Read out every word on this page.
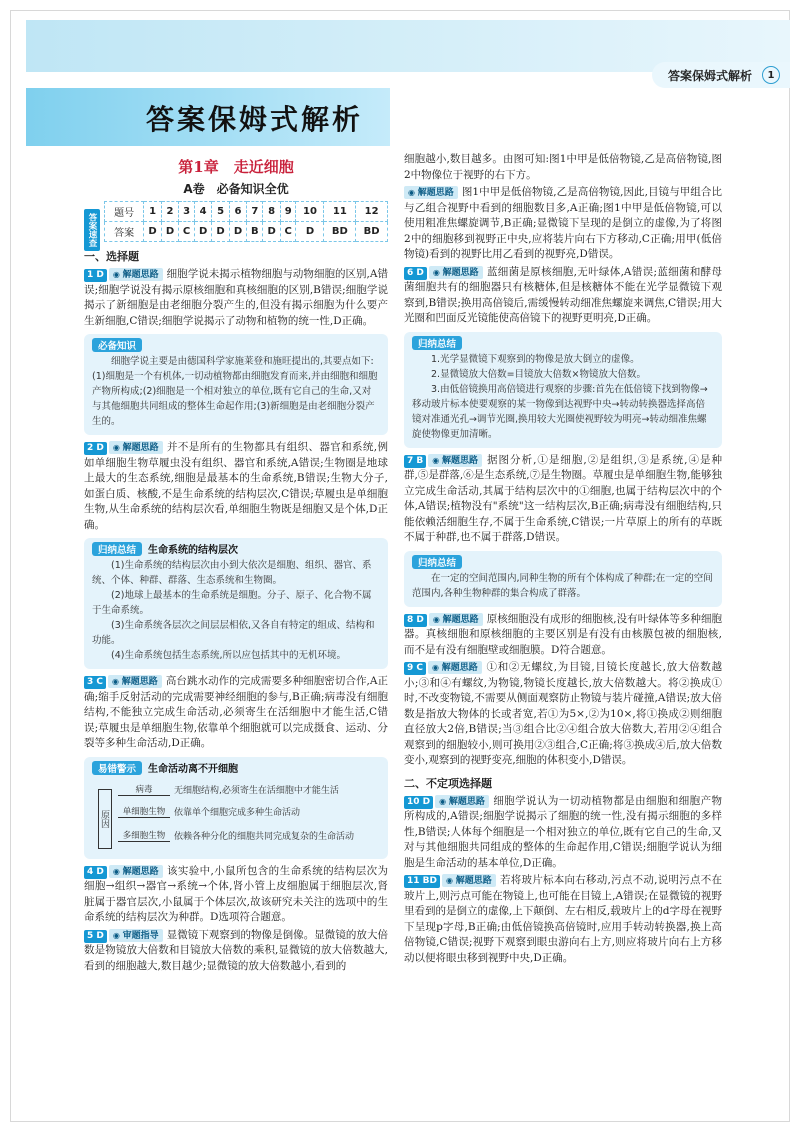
答案保姆式解析	1
答案保姆式解析
答案速查
第1章　走近细胞
A卷　必备知识全优
题号	1	2	3	4	5	6	7	8	9	10	11	12
答案	D	D	C	D	D	D	B	D	C	D	BD	BD
一、选择题

1 D ◉ 解题思路 细胞学说未揭示植物细胞与动物细胞的区别,A错误;细胞学说没有揭示原核细胞和真核细胞的区别,B错误;细胞学说揭示了新细胞是由老细胞分裂产生的,但没有揭示细胞为什么要产生新细胞,C错误;细胞学说揭示了动物和植物的统一性,D正确。

必备知识
细胞学说主要是由德国科学家施莱登和施旺提出的,其要点如下:(1)细胞是一个有机体,一切动植物都由细胞发育而来,并由细胞和细胞产物所构成;(2)细胞是一个相对独立的单位,既有它自己的生命,又对与其他细胞共同组成的整体生命起作用;(3)新细胞是由老细胞分裂产生的。

2 D ◉ 解题思路 并不是所有的生物都具有组织、器官和系统,例如单细胞生物草履虫没有组织、器官和系统,A错误;生物圈是地球上最大的生态系统,细胞是最基本的生命系统,B错误;生物大分子,如蛋白质、核酸,不是生命系统的结构层次,C错误;草履虫是单细胞生物,从生命系统的结构层次看,单细胞生物既是细胞又是个体,D正确。

归纳总结 生命系统的结构层次
(1)生命系统的结构层次由小到大依次是细胞、组织、器官、系统、个体、种群、群落、生态系统和生物圈。
(2)地球上最基本的生命系统是细胞。分子、原子、化合物不属于生命系统。
(3)生命系统各层次之间层层相依,又各自有特定的组成、结构和功能。
(4)生命系统包括生态系统,所以应包括其中的无机环境。

3 C ◉ 解题思路 高台跳水动作的完成需要多种细胞密切合作,A正确;缩手反射活动的完成需要神经细胞的参与,B正确;病毒没有细胞结构,不能独立完成生命活动,必须寄生在活细胞中才能生活,C错误;草履虫是单细胞生物,依靠单个细胞就可以完成摄食、运动、分裂等多种生命活动,D正确。

易错警示 生命活动离不开细胞
原因
病毒	无细胞结构,必须寄生在活细胞中才能生活
单细胞生物 依靠单个细胞完成多种生命活动
多细胞生物 依赖各种分化的细胞共同完成复杂的生命活动

4 D ◉ 解题思路 该实验中,小鼠所包含的生命系统的结构层次为细胞→组织→器官→系统→个体,肾小管上皮细胞属于细胞层次,肾脏属于器官层次,小鼠属于个体层次,故该研究未关注的选项中的生命系统的结构层次为种群。D选项符合题意。

5 D ◉ 审题指导 显微镜下观察到的物像是倒像。显微镜的放大倍数是物镜放大倍数和目镜放大倍数的乘积,显微镜的放大倍数越大,看到的细胞越大,数目越少;显微镜的放大倍数越小,看到的

细胞越小,数目越多。由图可知:图1中甲是低倍物镜,乙是高倍物镜,图2中物像位于视野的右下方。

◉ 解题思路 图1中甲是低倍物镜,乙是高倍物镜,因此,目镜与甲组合比与乙组合视野中看到的细胞数目多,A正确;图1中甲是低倍物镜,可以使用粗准焦螺旋调节,B正确;显微镜下呈现的是倒立的虚像,为了将图2中的细胞移到视野正中央,应将装片向右下方移动,C正确;用甲(低倍物镜)看到的视野比用乙看到的视野亮,D错误。

6 D ◉ 解题思路 蓝细菌是原核细胞,无叶绿体,A错误;蓝细菌和酵母菌细胞共有的细胞器只有核糖体,但是核糖体不能在光学显微镜下观察到,B错误;换用高倍镜后,需缓慢转动细准焦螺旋来调焦,C错误;用大光圈和凹面反光镜能使高倍镜下的视野更明亮,D正确。

归纳总结
1.光学显微镜下观察到的物像是放大倒立的虚像。
2.显微镜放大倍数=目镜放大倍数×物镜放大倍数。
3.由低倍镜换用高倍镜进行观察的步骤:首先在低倍镜下找到物像→移动玻片标本使要观察的某一物像到达视野中央→转动转换器选择高倍镜对准通光孔→调节光圈,换用较大光圈使视野较为明亮→转动细准焦螺旋使物像更加清晰。

7 B ◉ 解题思路 据图分析,①是细胞,②是组织,③是系统,④是种群,⑤是群落,⑥是生态系统,⑦是生物圈。草履虫是单细胞生物,能够独立完成生命活动,其属于结构层次中的①细胞,也属于结构层次中的个体,A错误;植物没有"系统"这一结构层次,B正确;病毒没有细胞结构,只能依赖活细胞生存,不属于生命系统,C错误;一片草原上的所有的草既不属于种群,也不属于群落,D错误。

归纳总结
在一定的空间范围内,同种生物的所有个体构成了种群;在一定的空间范围内,各种生物种群的集合构成了群落。

8 D ◉ 解题思路 原核细胞没有成形的细胞核,没有叶绿体等多种细胞器。真核细胞和原核细胞的主要区别是有没有由核膜包被的细胞核,而不是有没有细胞壁或细胞膜。D符合题意。

9 C ◉ 解题思路 ①和②无螺纹,为目镜,目镜长度越长,放大倍数越小;③和④有螺纹,为物镜,物镜长度越长,放大倍数越大。将②换成①时,不改变物镜,不需要从侧面观察防止物镜与装片碰撞,A错误;放大倍数是指放大物体的长或者宽,若①为5×,②为10×,将①换成②则细胞直径放大2倍,B错误;当③组合比②④组合放大倍数大,若用②④组合观察到的细胞较小,则可换用②③组合,C正确;将③换成④后,放大倍数变小,观察到的视野变亮,细胞的体积变小,D错误。

二、不定项选择题

10 D ◉ 解题思路 细胞学说认为一切动植物都是由细胞和细胞产物所构成的,A错误;细胞学说揭示了细胞的统一性,没有揭示细胞的多样性,B错误;人体每个细胞是一个相对独立的单位,既有它自己的生命,又对与其他细胞共同组成的整体的生命起作用,C错误;细胞学说认为细胞是生命活动的基本单位,D正确。

11 BD ◉ 解题思路 若将玻片标本向右移动,污点不动,说明污点不在玻片上,则污点可能在物镜上,也可能在目镜上,A错误;在显微镜的视野里看到的是倒立的虚像,上下颠倒、左右相反,载玻片上的d字母在视野下呈现p字母,B正确;由低倍镜换高倍镜时,应用手转动转换器,换上高倍物镜,C错误;视野下观察到眼虫游向右上方,则应将玻片向右上方移动以便将眼虫移到视野中央,D正确。
